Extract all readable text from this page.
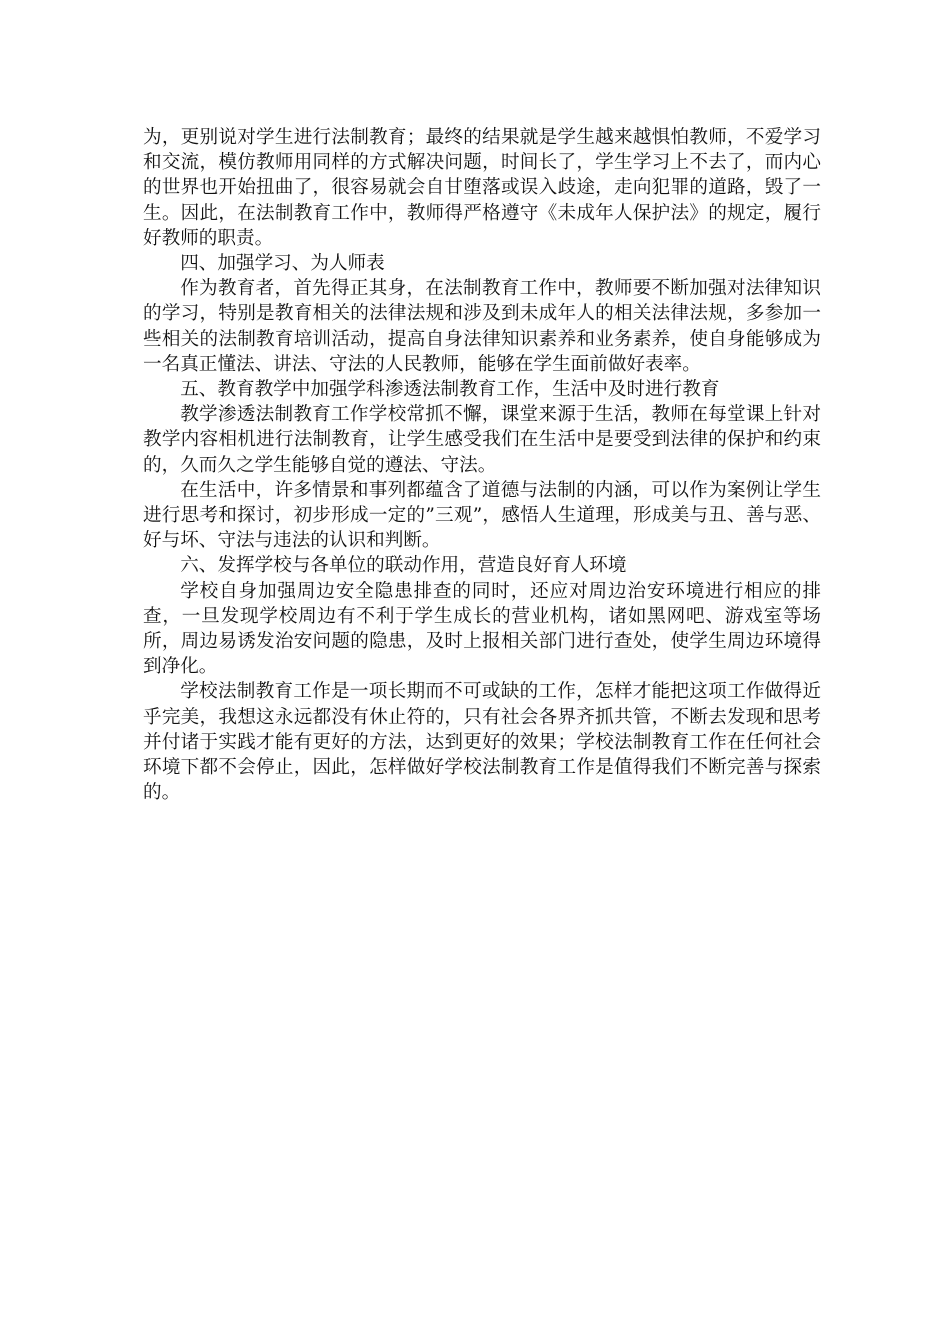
为，更别说对学生进行法制教育；最终的结果就是学生越来越惧怕教师，不爱学习和交流，模仿教师用同样的方式解决问题，时间长了，学生学习上不去了，而内心的世界也开始扭曲了，很容易就会自甘堕落或误入歧途，走向犯罪的道路，毁了一生。因此，在法制教育工作中，教师得严格遵守《未成年人保护法》的规定，履行好教师的职责。

四、加强学习、为人师表

作为教育者，首先得正其身，在法制教育工作中，教师要不断加强对法律知识的学习，特别是教育相关的法律法规和涉及到未成年人的相关法律法规，多参加一些相关的法制教育培训活动，提高自身法律知识素养和业务素养，使自身能够成为一名真正懂法、讲法、守法的人民教师，能够在学生面前做好表率。

五、教育教学中加强学科渗透法制教育工作，生活中及时进行教育

教学渗透法制教育工作学校常抓不懈，课堂来源于生活，教师在每堂课上针对教学内容相机进行法制教育，让学生感受我们在生活中是要受到法律的保护和约束的，久而久之学生能够自觉的遵法、守法。

在生活中，许多情景和事列都蕴含了道德与法制的内涵，可以作为案例让学生进行思考和探讨，初步形成一定的”三观”，感悟人生道理，形成美与丑、善与恶、好与坏、守法与违法的认识和判断。

六、发挥学校与各单位的联动作用，营造良好育人环境

学校自身加强周边安全隐患排查的同时，还应对周边治安环境进行相应的排查，一旦发现学校周边有不利于学生成长的营业机构，诸如黑网吧、游戏室等场所，周边易诱发治安问题的隐患，及时上报相关部门进行查处，使学生周边环境得到净化。

学校法制教育工作是一项长期而不可或缺的工作，怎样才能把这项工作做得近乎完美，我想这永远都没有休止符的，只有社会各界齐抓共管，不断去发现和思考并付诸于实践才能有更好的方法，达到更好的效果；学校法制教育工作在任何社会环境下都不会停止，因此，怎样做好学校法制教育工作是值得我们不断完善与探索的。
